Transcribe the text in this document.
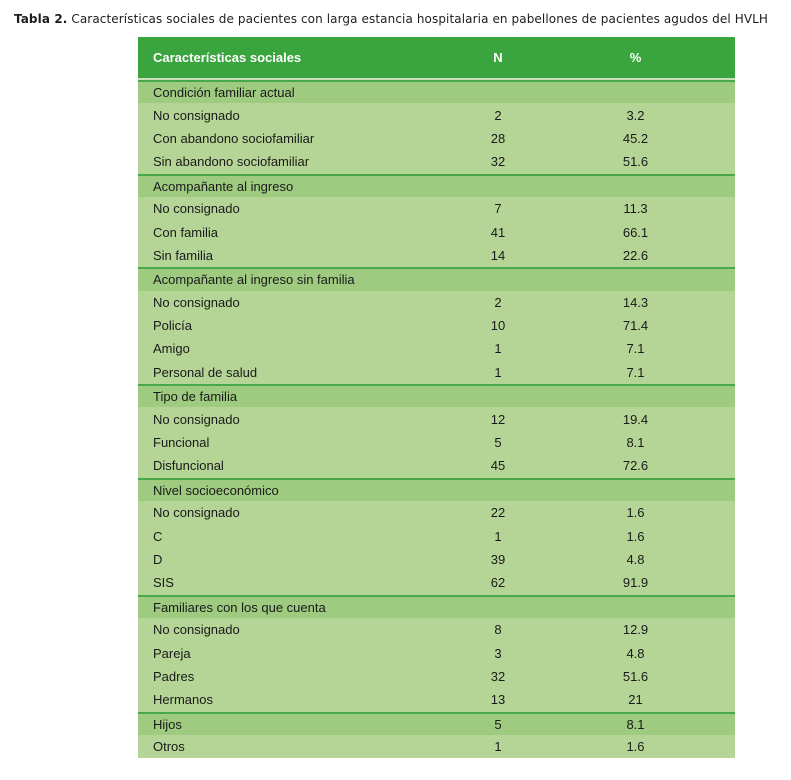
Tabla 2. Características sociales de pacientes con larga estancia hospitalaria en pabellones de pacientes agudos del HVLH
Características sociales	N	%
Condición familiar actual
No consignado	2	3.2
Con abandono sociofamiliar	28	45.2
Sin abandono sociofamiliar	32	51.6
Acompañante al ingreso
No consignado	7	11.3
Con familia	41	66.1
Sin familia	14	22.6
Acompañante al ingreso sin familia
No consignado	2	14.3
Policía	10	71.4
Amigo	1	7.1
Personal de salud	1	7.1
Tipo de familia
No consignado	12	19.4
Funcional	5	8.1
Disfuncional	45	72.6
Nivel socioeconómico
No consignado	22	1.6
C	1	1.6
D	39	4.8
SIS	62	91.9
Familiares con los que cuenta
No consignado	8	12.9
Pareja	3	4.8
Padres	32	51.6
Hermanos	13	21
Hijos	5	8.1
Otros	1	1.6
